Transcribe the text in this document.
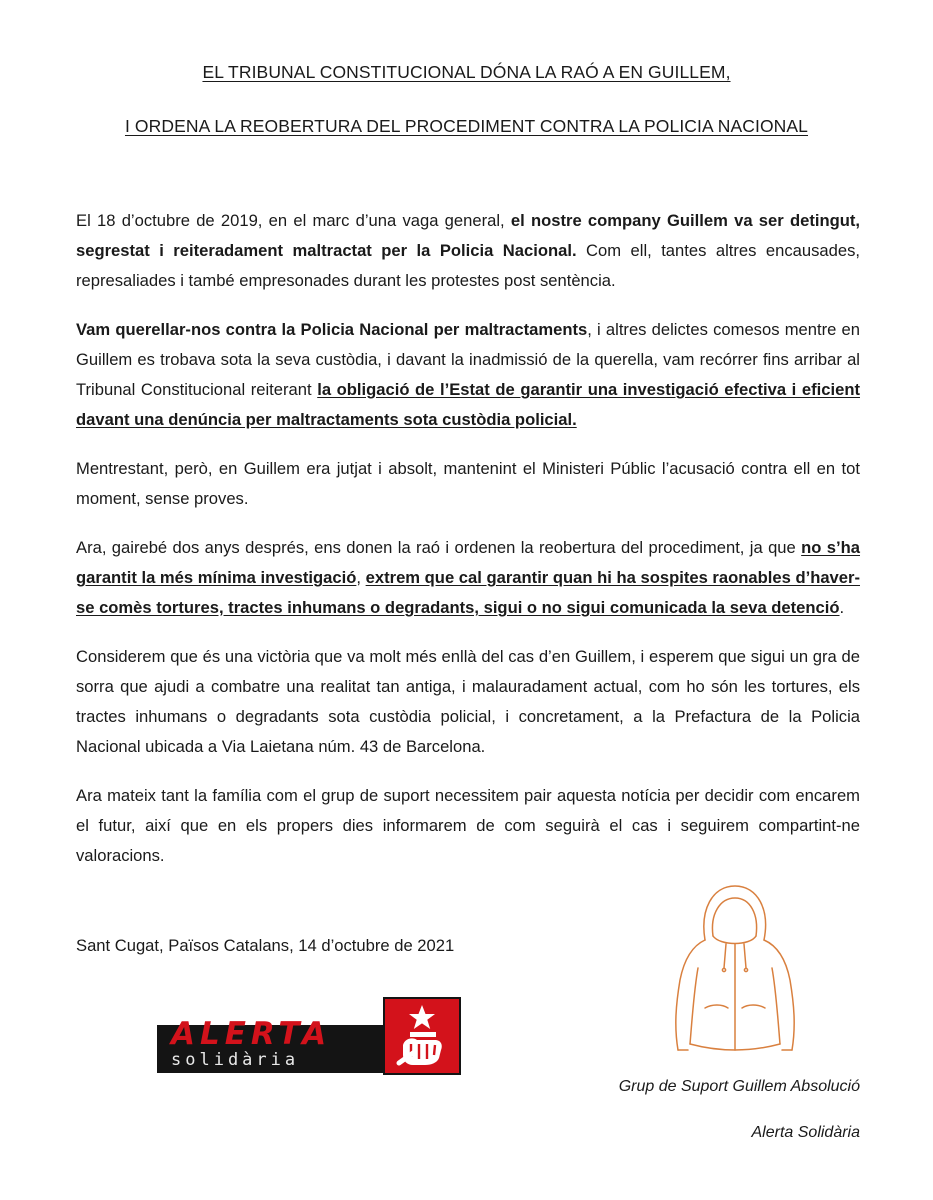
EL TRIBUNAL CONSTITUCIONAL DÓNA LA RAÓ A EN GUILLEM,
I ORDENA LA REOBERTURA DEL PROCEDIMENT CONTRA LA POLICIA NACIONAL

El 18 d’octubre de 2019, en el marc d’una vaga general, el nostre company Guillem va ser detingut, segrestat i reiteradament maltractat per la Policia Nacional. Com ell, tantes altres encausades, represaliades i també empresonades durant les protestes post sentència.

Vam querellar-nos contra la Policia Nacional per maltractaments, i altres delictes comesos mentre en Guillem es trobava sota la seva custòdia, i davant la inadmissió de la querella, vam recórrer fins arribar al Tribunal Constitucional reiterant la obligació de l’Estat de garantir una investigació efectiva i eficient davant una denúncia per maltractaments sota custòdia policial.

Mentrestant, però, en Guillem era jutjat i absolt, mantenint el Ministeri Públic l’acusació contra ell en tot moment, sense proves.

Ara, gairebé dos anys després, ens donen la raó i ordenen la reobertura del procediment, ja que no s’ha garantit la més mínima investigació, extrem que cal garantir quan hi ha sospites raonables d’haver-se comès tortures, tractes inhumans o degradants, sigui o no sigui comunicada la seva detenció.

Considerem que és una victòria que va molt més enllà del cas d’en Guillem, i esperem que sigui un gra de sorra que ajudi a combatre una realitat tan antiga, i malauradament actual, com ho són les tortures, els tractes inhumans o degradants sota custòdia policial, i concretament, a la Prefactura de la Policia Nacional ubicada a Via Laietana núm. 43 de Barcelona.

Ara mateix tant la família com el grup de suport necessitem pair aquesta notícia per decidir com encarem el futur, així que en els propers dies informarem de com seguirà el cas i seguirem compartint-ne valoracions.

Sant Cugat, Països Catalans, 14 d’octubre de 2021

ALERTA
solidària

Grup de Suport Guillem Absolució

Alerta Solidària
